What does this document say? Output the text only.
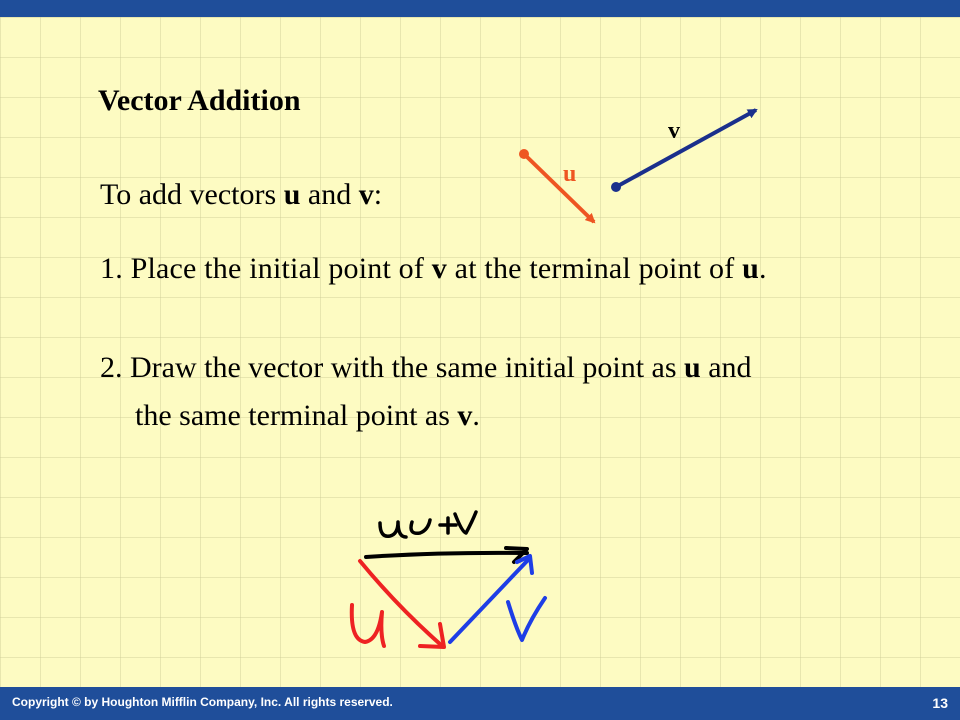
Vector Addition
To add vectors u and v:
1. Place the initial point of v at the terminal point of u.
2. Draw the vector with the same initial point as u and
the same terminal point as v.
u
v
Copyright © by Houghton Mifflin Company, Inc. All rights reserved.	13
